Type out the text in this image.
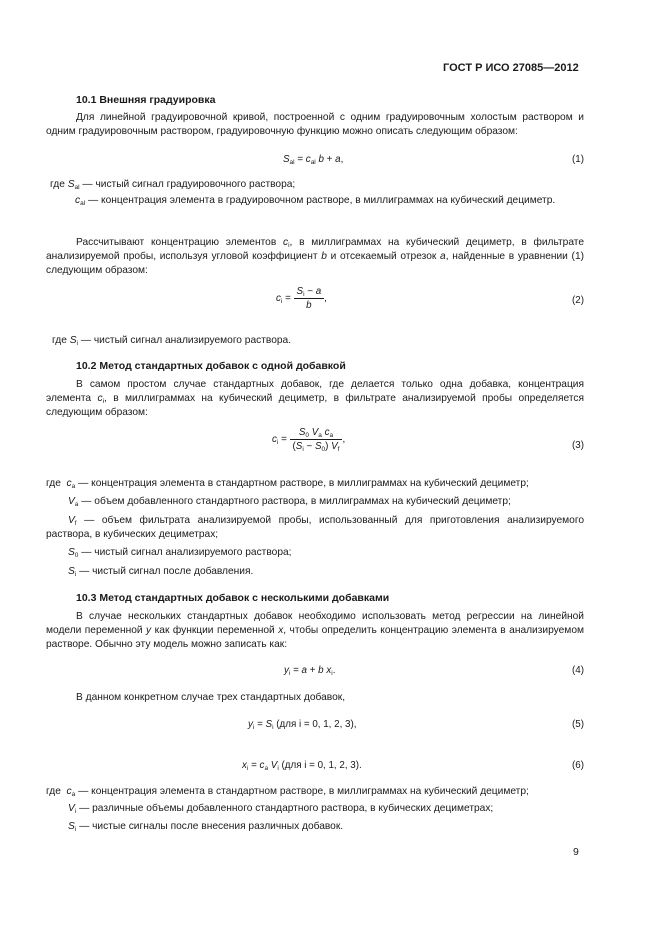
ГОСТ Р ИСО 27085—2012
10.1 Внешняя градуировка
Для линейной градуировочной кривой, построенной с одним градуировочным холостым раствором и одним градуировочным раствором, градуировочную функцию можно описать следующим образом:
$S_{al} = c_{al}$ b + a,	(1)
где $S_{al}$ — чистый сигнал градуировочного раствора;
$c_{al}$ — концентрация элемента в градуировочном растворе, в миллиграммах на кубический дециметр.
Рассчитывают концентрацию элементов $c_i$, в миллиграммах на кубический дециметр, в фильтрате анализируемой пробы, используя угловой коэффициент b и отсекаемый отрезок a, найденные в уравнении (1) следующим образом:
$c_i = \frac{S_i - a}{b}$ ,	(2)
где $S_i$ — чистый сигнал анализируемого раствора.
10.2 Метод стандартных добавок с одной добавкой
В самом простом случае стандартных добавок, где делается только одна добавка, концентрация элемента $c_i$, в миллиграммах на кубический дециметр, в фильтрате анализируемой пробы определяется следующим образом:
$c_i = \frac{S_0 V_a c_a}{(S_i - S_0) V_f}$ ,
(3)
где $c_a$ — концентрация элемента в стандартном растворе, в миллиграммах на кубический дециметр;
$V_a$ — объем добавленного стандартного раствора, в миллиграммах на кубический дециметр;
$V_f$ — объем фильтрата анализируемой пробы, использованный для приготовления анализируемого раствора, в кубических дециметрах;
$S_0$ — чистый сигнал анализируемого раствора;
$S_i$ — чистый сигнал после добавления.
10.3 Метод стандартных добавок с несколькими добавками
В случае нескольких стандартных добавок необходимо использовать метод регрессии на линейной модели переменной y как функции переменной x, чтобы определить концентрацию элемента в анализируемом растворе. Обычно эту модель можно записать как:
$y_i = a + b$ $x_i$.	(4)
В данном конкретном случае трех стандартных добавок,
$y_i = S_i$ (для i = 0, 1, 2, 3),	(5)
$x_i = c_a$ $V_i$ (для i = 0, 1, 2, 3).	(6)
где $c_a$ — концентрация элемента в стандартном растворе, в миллиграммах на кубический дециметр;
$V_i$ — различные объемы добавленного стандартного раствора, в кубических дециметрах;
$S_i$ — чистые сигналы после внесения различных добавок.
9
